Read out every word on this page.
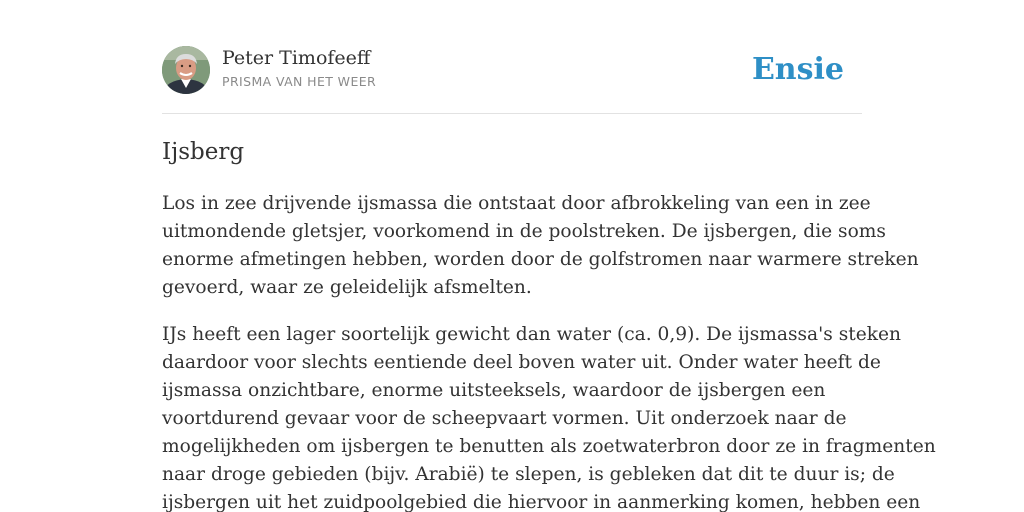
Peter Timofeeff
PRISMA VAN HET WEER	Ensie
Ijsberg

Los in zee drijvende ijsmassa die ontstaat door afbrokkeling van een in zee
uitmondende gletsjer, voorkomend in de poolstreken. De ijsbergen, die soms
enorme afmetingen hebben, worden door de golfstromen naar warmere streken
gevoerd, waar ze geleidelijk afsmelten.

IJs heeft een lager soortelijk gewicht dan water (ca. 0,9). De ijsmassa's steken
daardoor voor slechts eentiende deel boven water uit. Onder water heeft de
ijsmassa onzichtbare, enorme uitsteeksels, waardoor de ijsbergen een
voortdurend gevaar voor de scheepvaart vormen. Uit onderzoek naar de
mogelijkheden om ijsbergen te benutten als zoetwaterbron door ze in fragmenten
naar droge gebieden (bijv. Arabië) te slepen, is gebleken dat dit te duur is; de
ijsbergen uit het zuidpoolgebied die hiervoor in aanmerking komen, hebben een
